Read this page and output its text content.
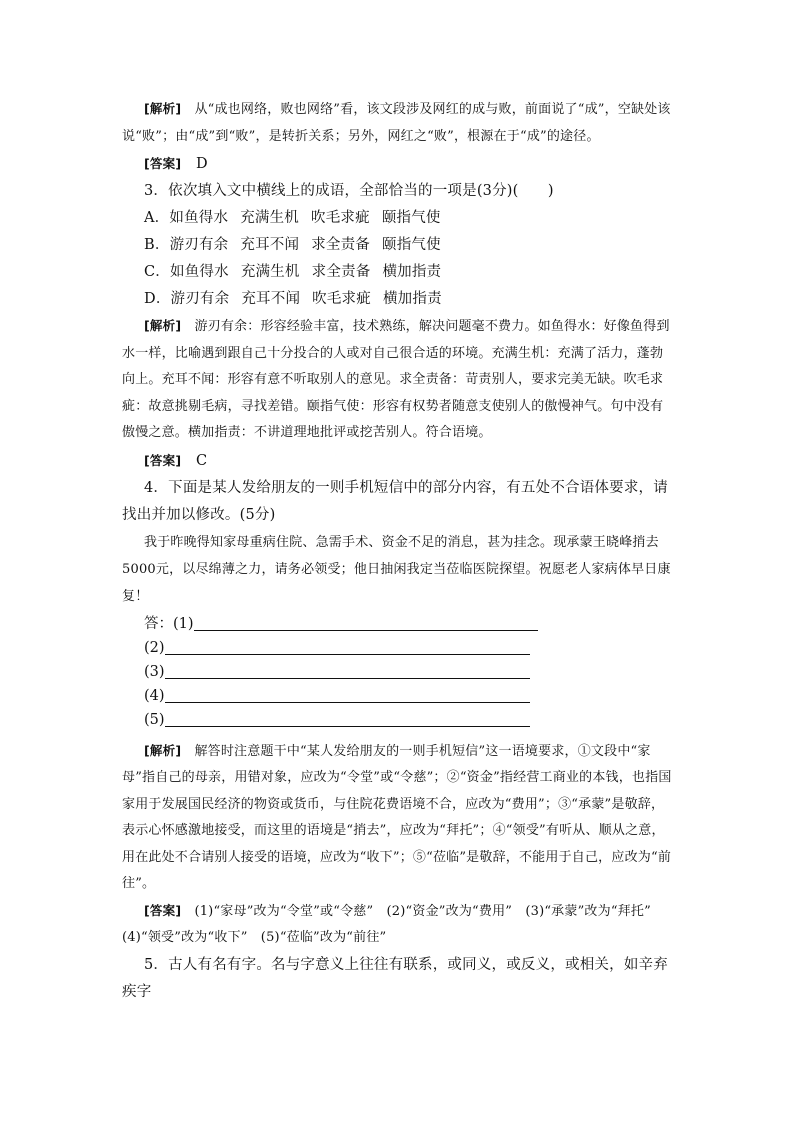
[解析]　 从“成也网络，败也网络”看，该文段涉及网红的成与败，前面说了“成”，空缺处该说“败”；由“成”到“败”，是转折关系；另外，网红之“败”，根源在于“成”的途径。

[答案]　 D

3．依次填入文中横线上的成语，全部恰当的一项是(3分)(　　)

A．如鱼得水 充满生机 吹毛求疵 颐指气使

B．游刃有余 充耳不闻 求全责备 颐指气使

C．如鱼得水 充满生机 求全责备 横加指责

D．游刃有余 充耳不闻 吹毛求疵 横加指责

[解析]　 游刃有余：形容经验丰富，技术熟练，解决问题毫不费力。如鱼得水：好像鱼得到水一样，比喻遇到跟自己十分投合的人或对自己很合适的环境。充满生机：充满了活力，蓬勃向上。充耳不闻：形容有意不听取别人的意见。求全责备：苛责别人，要求完美无缺。吹毛求疵：故意挑剔毛病，寻找差错。颐指气使：形容有权势者随意支使别人的傲慢神气。句中没有傲慢之意。横加指责：不讲道理地批评或挖苦别人。符合语境。

[答案]　 C

4．下面是某人发给朋友的一则手机短信中的部分内容，有五处不合语体要求，请找出并加以修改。(5分)

我于昨晚得知家母重病住院、急需手术、资金不足的消息，甚为挂念。现承蒙王晓峰捎去5000元，以尽绵薄之力，请务必领受；他日抽闲我定当莅临医院探望。祝愿老人家病体早日康复！

答： (1)

(2)

(3)

(4)

(5)

[解析]　 解答时注意题干中“某人发给朋友的一则手机短信”这一语境要求，①文段中“家母”指自己的母亲，用错对象，应改为“令堂”或“令慈”；②“资金”指经营工商业的本钱，也指国家用于发展国民经济的物资或货币，与住院花费语境不合，应改为“费用”；③“承蒙”是敬辞，表示心怀感激地接受，而这里的语境是“捎去”，应改为“拜托”；④“领受”有听从、顺从之意，用在此处不合请别人接受的语境，应改为“收下”；⑤“莅临”是敬辞，不能用于自己，应改为“前往”。

[答案]　 (1)“家母”改为“令堂”或“令慈”　(2)“资金”改为“费用”　(3)“承蒙”改为“拜托”　(4)“领受”改为“收下”　(5)“莅临”改为“前往”

5．古人有名有字。名与字意义上往往有联系，或同义，或反义，或相关，如辛弃疾字
